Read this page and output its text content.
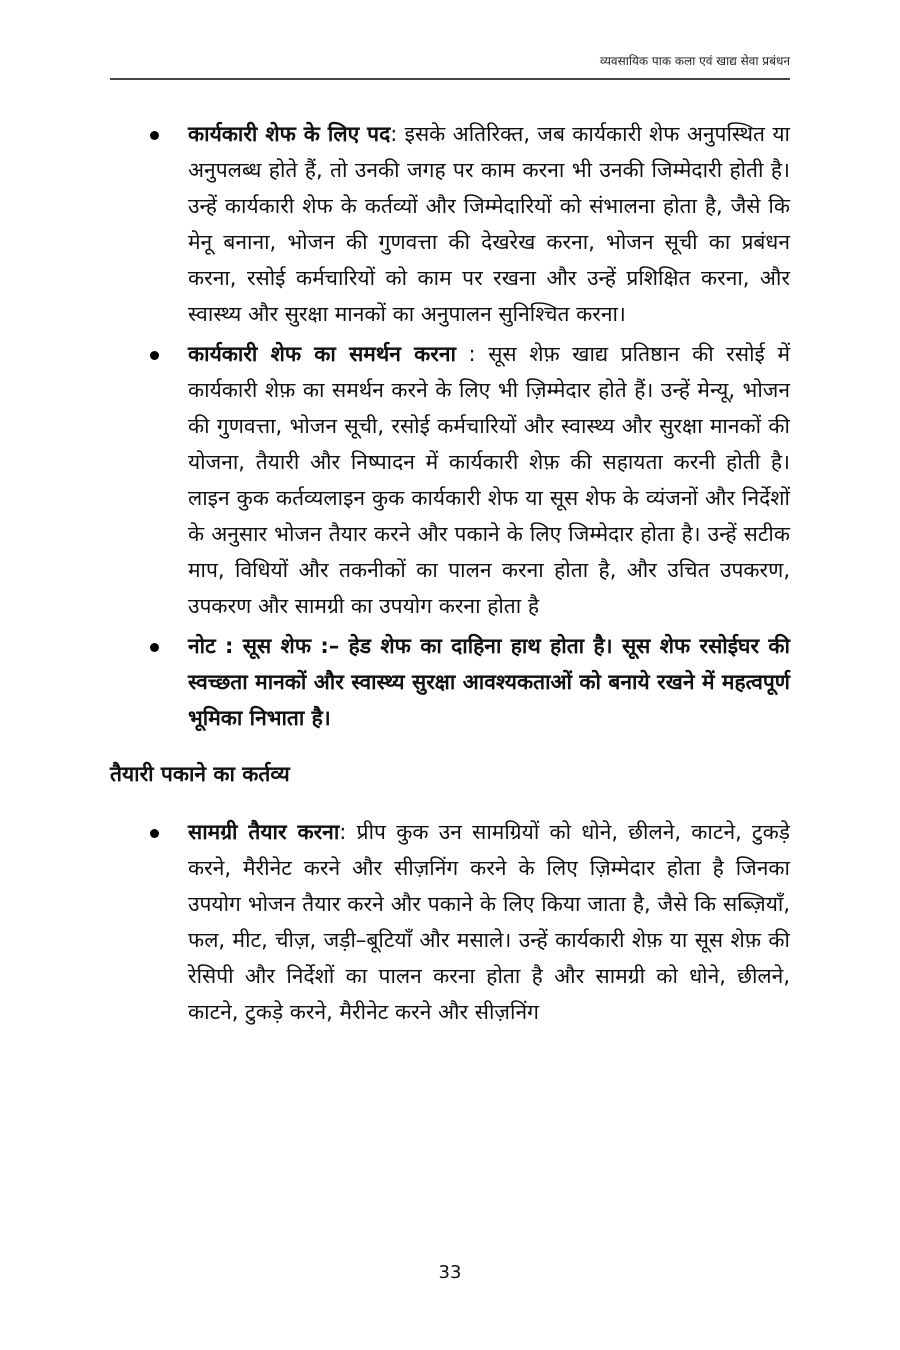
व्यवसायिक पाक कला एवं खाद्य सेवा प्रबंधन
कार्यकारी शेफ के लिए पद: इसके अतिरिक्त, जब कार्यकारी शेफ अनुपस्थित या अनुपलब्ध होते हैं, तो उनकी जगह पर काम करना भी उनकी जिम्मेदारी होती है। उन्हें कार्यकारी शेफ के कर्तव्यों और जिम्मेदारियों को संभालना होता है, जैसे कि मेनू बनाना, भोजन की गुणवत्ता की देखरेख करना, भोजन सूची का प्रबंधन करना, रसोई कर्मचारियों को काम पर रखना और उन्हें प्रशिक्षित करना, और स्वास्थ्य और सुरक्षा मानकों का अनुपालन सुनिश्चित करना।
कार्यकारी शेफ का समर्थन करना : सूस शेफ़ खाद्य प्रतिष्ठान की रसोई में कार्यकारी शेफ़ का समर्थन करने के लिए भी ज़िम्मेदार होते हैं। उन्हें मेन्यू, भोजन की गुणवत्ता, भोजन सूची, रसोई कर्मचारियों और स्वास्थ्य और सुरक्षा मानकों की योजना, तैयारी और निष्पादन में कार्यकारी शेफ़ की सहायता करनी होती है। लाइन कुक कर्तव्यलाइन कुक कार्यकारी शेफ या सूस शेफ के व्यंजनों और निर्देशों के अनुसार भोजन तैयार करने और पकाने के लिए जिम्मेदार होता है। उन्हें सटीक माप, विधियों और तकनीकों का पालन करना होता है, और उचित उपकरण, उपकरण और सामग्री का उपयोग करना होता है
नोट : सूस शेफ :– हेड शेफ का दाहिना हाथ होता है। सूस शेफ रसोईघर की स्वच्छता मानकों और स्वास्थ्य सुरक्षा आवश्यकताओं को बनाये रखने में महत्वपूर्ण भूमिका निभाता है।
तैयारी पकाने का कर्तव्य
सामग्री तैयार करना: प्रीप कुक उन सामग्रियों को धोने, छीलने, काटने, टुकड़े करने, मैरीनेट करने और सीज़निंग करने के लिए ज़िम्मेदार होता है जिनका उपयोग भोजन तैयार करने और पकाने के लिए किया जाता है, जैसे कि सब्ज़ियाँ, फल, मीट, चीज़, जड़ी–बूटियाँ और मसाले। उन्हें कार्यकारी शेफ़ या सूस शेफ़ की रेसिपी और निर्देशों का पालन करना होता है और सामग्री को धोने, छीलने, काटने, टुकड़े करने, मैरीनेट करने और सीज़निंग
33
